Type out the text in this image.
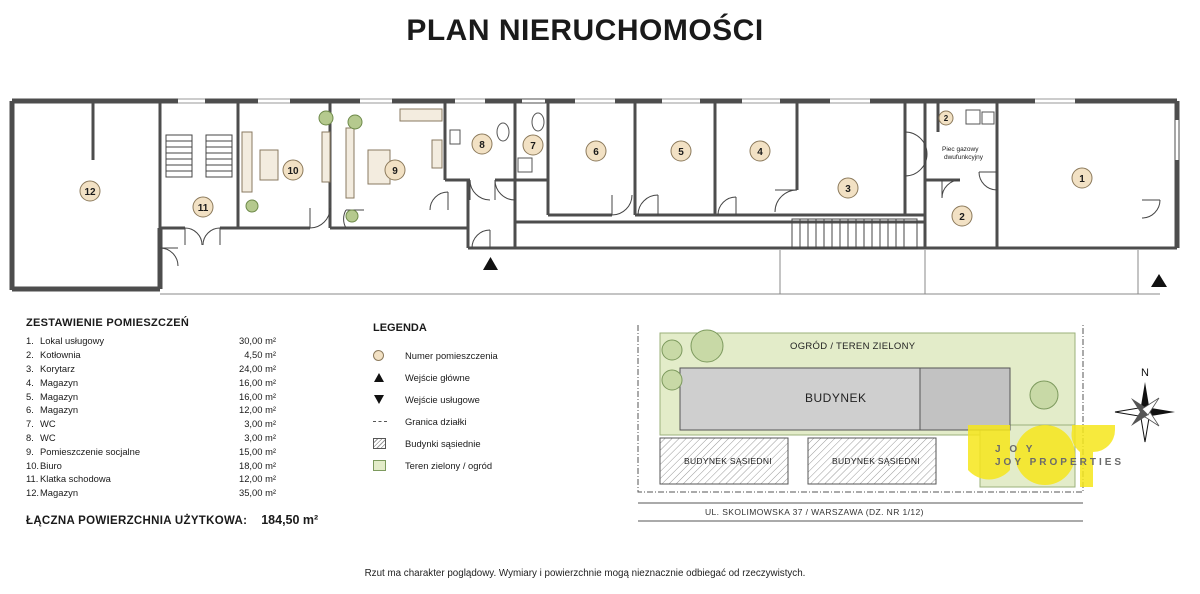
PLAN NIERUCHOMOŚCI
Piec gazowy
dwufunkcyjny
1
2
3
4
5
6
7
8
9
10
11
12
2
N
J O Y
JOY PROPERTIES
OGRÓD / TEREN ZIELONY
BUDYNEK
BUDYNEK SĄSIEDNI	BUDYNEK SĄSIEDNI
UL. SKOLIMOWSKA 37 / WARSZAWA (DZ. NR 1/12)
ZESTAWIENIE POMIESZCZEŃ
1. Lokal usługowy	30,00 m²
2. Kotłownia	4,50 m²
3. Korytarz	24,00 m²
4. Magazyn	16,00 m²
5. Magazyn	16,00 m²
6. Magazyn	12,00 m²
7. WC	3,00 m²
8. WC	3,00 m²
9. Pomieszczenie socjalne	15,00 m²
10. Biuro	18,00 m²
11. Klatka schodowa	12,00 m²
12. Magazyn	35,00 m²
ŁĄCZNA POWIERZCHNIA UŻYTKOWA: 184,50 m²
LEGENDA
Numer pomieszczenia
Wejście główne
Wejście usługowe
Granica działki
Budynki sąsiednie
Teren zielony / ogród
Rzut ma charakter poglądowy. Wymiary i powierzchnie mogą nieznacznie odbiegać od rzeczywistych.
